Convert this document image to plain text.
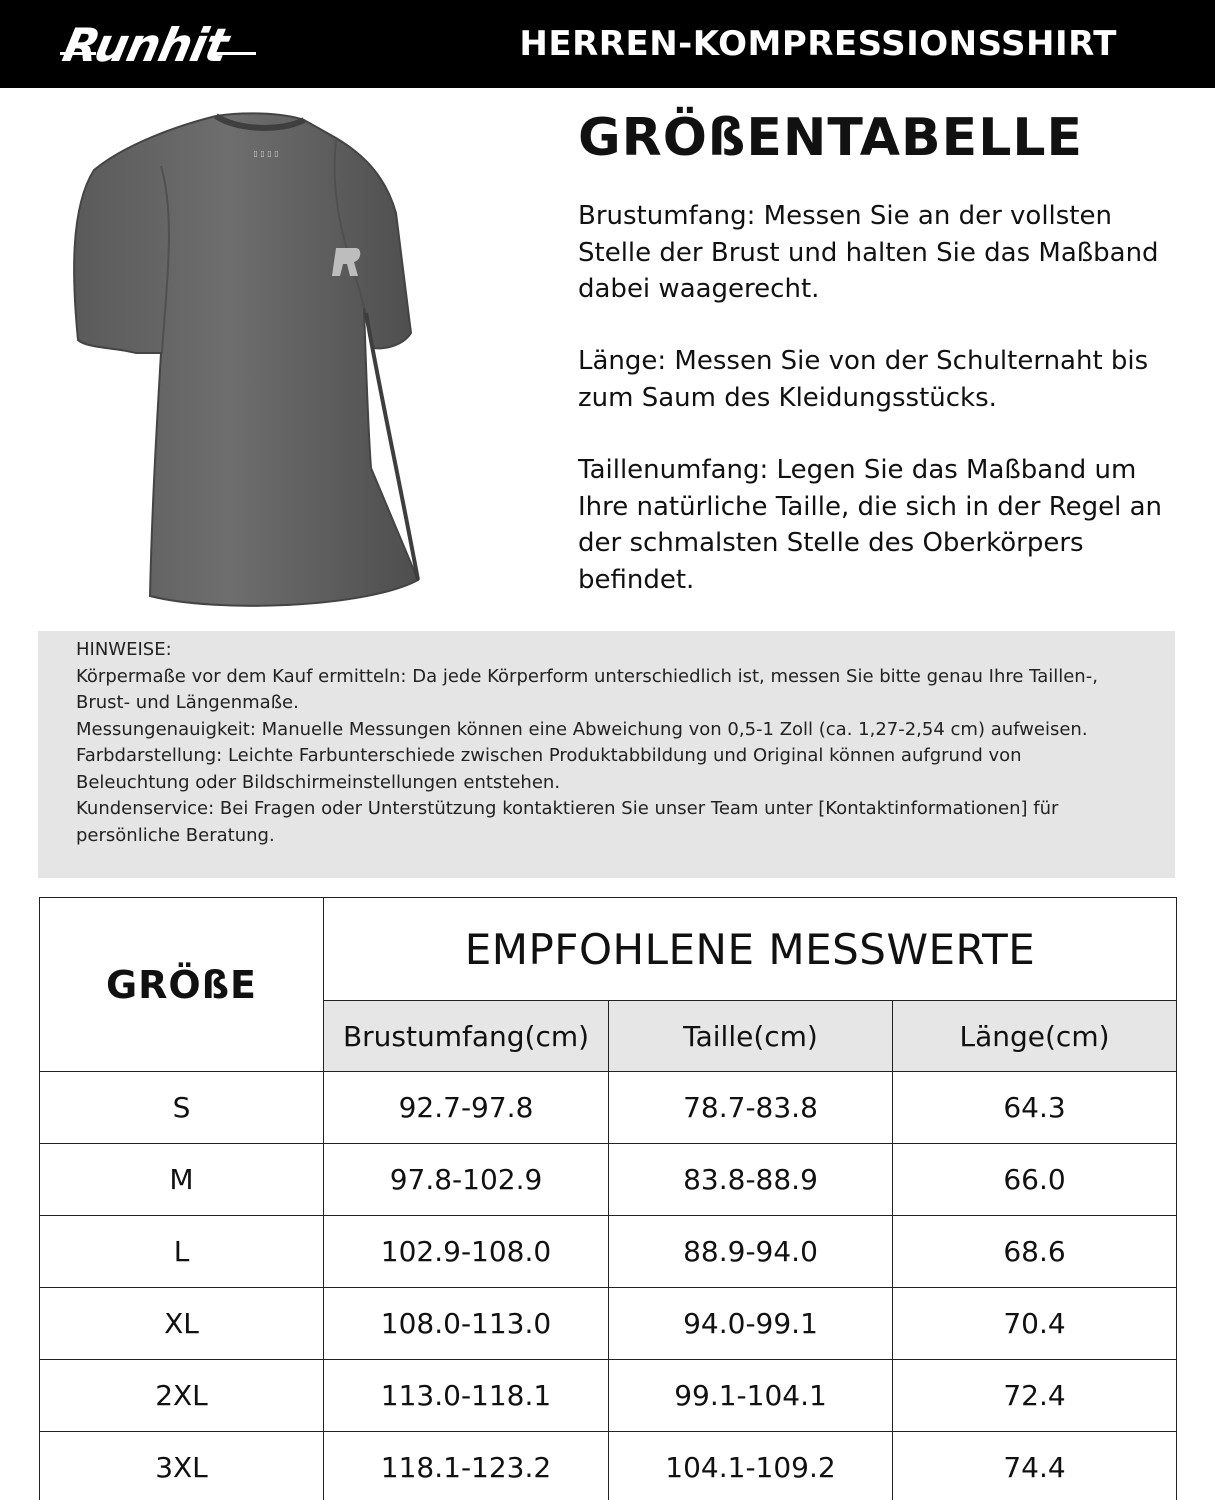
Runhit	HERREN-KOMPRESSIONSSHIRT
▯ ▯ ▯ ▯	GRÖßENTABELLE
Brustumfang: Messen Sie an der vollsten Stelle der Brust und halten Sie das Maßband dabei waagerecht.
Länge: Messen Sie von der Schulternaht bis zum Saum des Kleidungsstücks.
Taillenumfang: Legen Sie das Maßband um Ihre natürliche Taille, die sich in der Regel an der schmalsten Stelle des Oberkörpers befindet.
HINWEISE:
Körpermaße vor dem Kauf ermitteln: Da jede Körperform unterschiedlich ist, messen Sie bitte genau Ihre Taillen-, Brust- und Längenmaße.
Messungenauigkeit: Manuelle Messungen können eine Abweichung von 0,5-1 Zoll (ca. 1,27-2,54 cm) aufweisen.
Farbdarstellung: Leichte Farbunterschiede zwischen Produktabbildung und Original können aufgrund von Beleuchtung oder Bildschirmeinstellungen entstehen.
Kundenservice: Bei Fragen oder Unterstützung kontaktieren Sie unser Team unter [Kontaktinformationen] für persönliche Beratung.
GRÖßE	EMPFOHLENE MESSWERTE		
	Brustumfang(cm)	Taille(cm)	Länge(cm)
S	92.7-97.8	78.7-83.8	64.3
M	97.8-102.9	83.8-88.9	66.0
L	102.9-108.0	88.9-94.0	68.6
XL	108.0-113.0	94.0-99.1	70.4
2XL	113.0-118.1	99.1-104.1	72.4
3XL	118.1-123.2	104.1-109.2	74.4
